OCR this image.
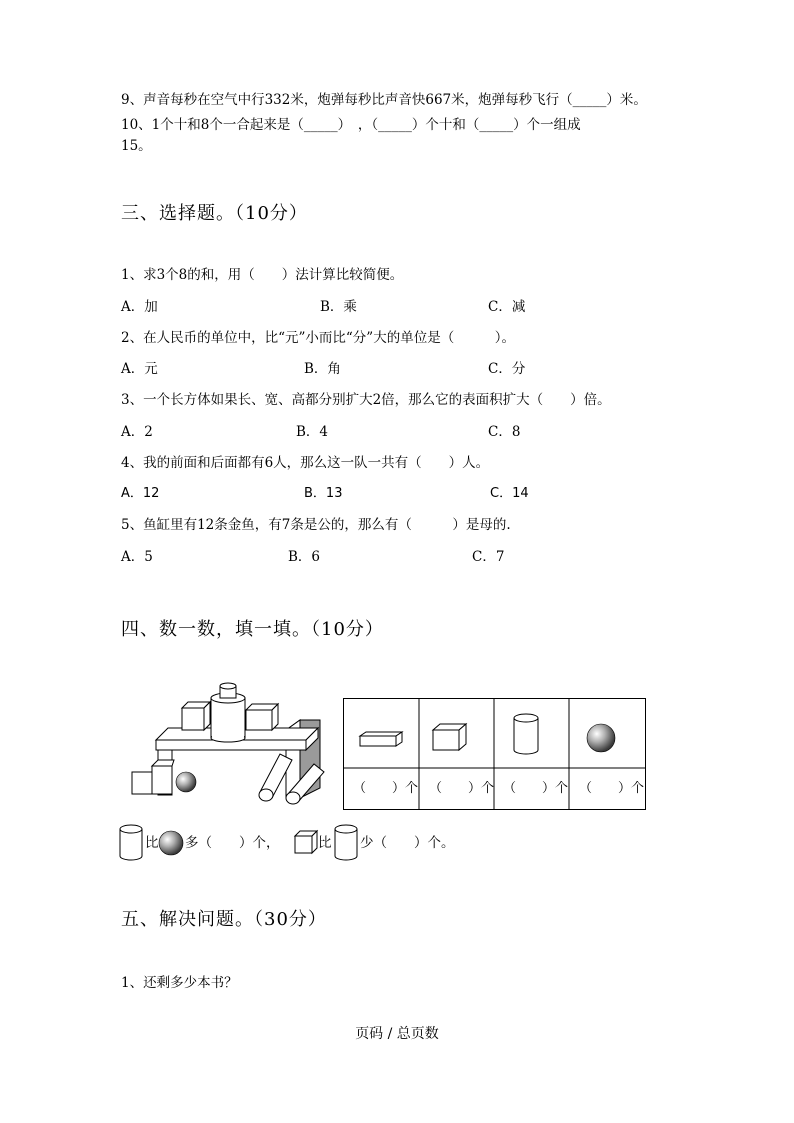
9、声音每秒在空气中行332米，炮弹每秒比声音快667米，炮弹每秒飞行（_____）米。
10、1个十和8个一合起来是（_____）　，（_____）个十和（_____）个一组成
15。
三、选择题。（10分）
1、求3个8的和，用（　　）法计算比较简便。
A．加	B．乘	C．减
2、在人民币的单位中，比“元”小而比“分”大的单位是（　　　）。
A．元	B．角	C．分
3、一个长方体如果长、宽、高都分别扩大2倍，那么它的表面积扩大（　　）倍。
A．2	B．4	C．8
4、我的前面和后面都有6人，那么这一队一共有（　　）人。
A．12	B．13	C．14
5、鱼缸里有12条金鱼，有7条是公的，那么有（　　　）是母的.
A．5	B．6	C．7
四、数一数，填一填。（10分）
（　　）个 （　　）个 （　　）个 （　　）个
比 多（　　）个，	比 少（　　）个。
五、解决问题。（30分）
1、还剩多少本书？
页码 / 总页数
